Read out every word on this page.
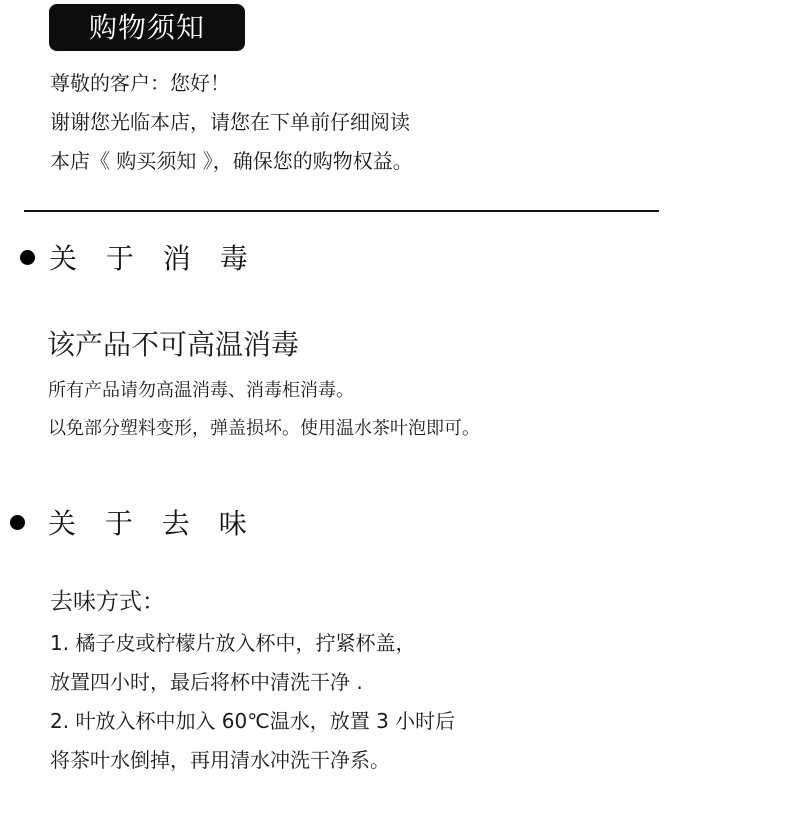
购物须知
尊敬的客户：您好！
谢谢您光临本店，请您在下单前仔细阅读
本店《 购买须知 》，确保您的购物权益。
关 于 消 毒
该产品不可高温消毒
所有产品请勿高温消毒、消毒柜消毒。
以免部分塑料变形，弹盖损坏。使用温水茶叶泡即可。
关 于 去 味
去味方式：
1. 橘子皮或柠檬片放入杯中，拧紧杯盖，
放置四小时，最后将杯中清洗干净 .
2. 叶放入杯中加入 60℃温水，放置 3 小时后
将茶叶水倒掉，再用清水冲洗干净系。
